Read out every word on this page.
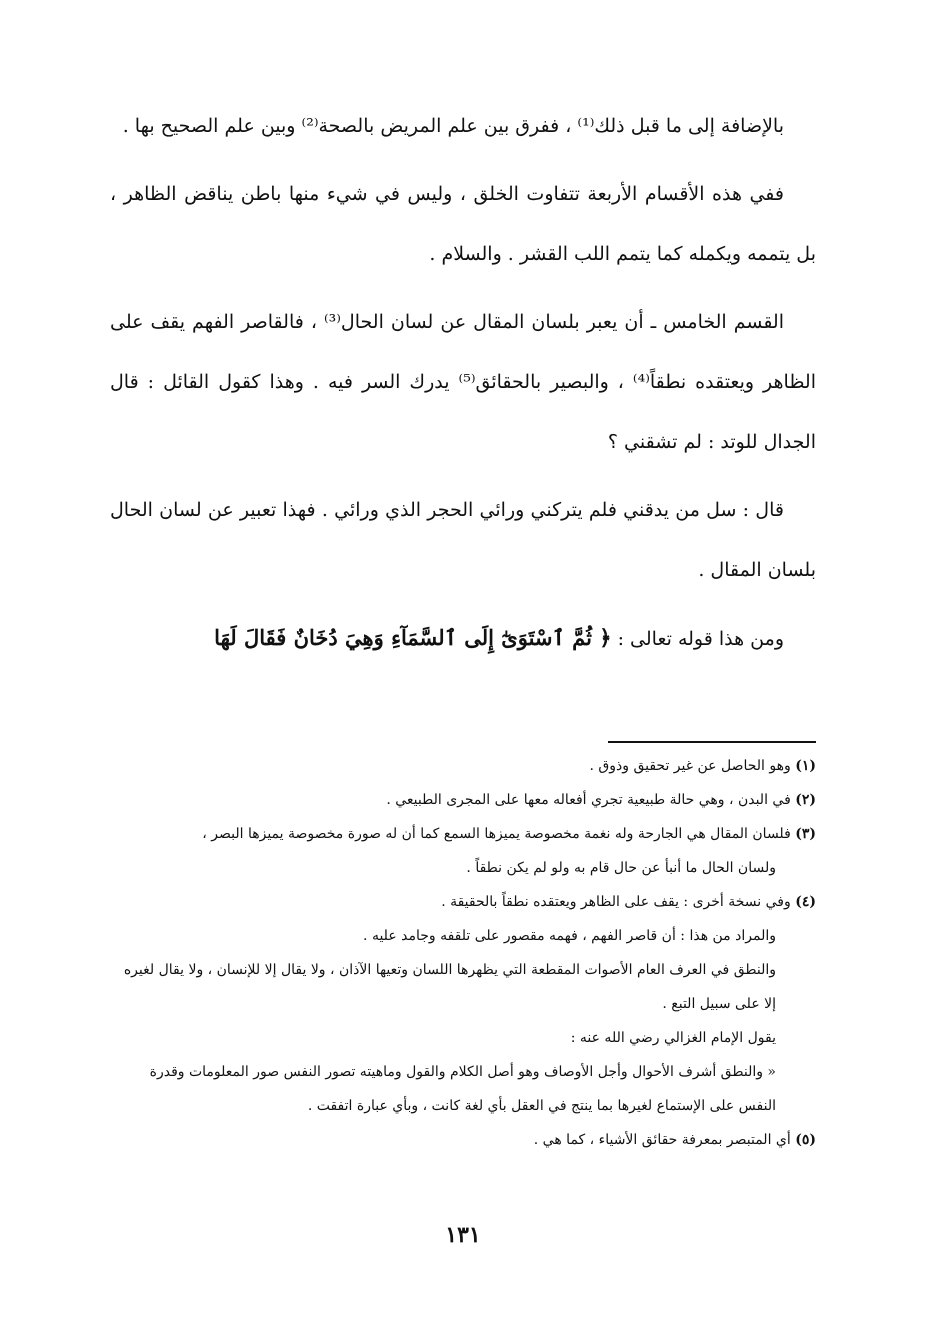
بالإضافة إلى ما قبل ذلك⁽¹⁾ ، ففرق بين علم المريض بالصحة⁽²⁾ وبين علم الصحيح بها .

ففي هذه الأقسام الأربعة تتفاوت الخلق ، وليس في شيء منها باطن يناقض الظاهر ، بل يتممه ويكمله كما يتمم اللب القشر . والسلام .

القسم الخامس ـ أن يعبر بلسان المقال عن لسان الحال⁽³⁾ ، فالقاصر الفهم يقف على الظاهر ويعتقده نطقاً⁽⁴⁾ ، والبصير بالحقائق⁽⁵⁾ يدرك السر فيه . وهذا كقول القائل : قال الجدال للوتد : لم تشقني ؟

قال : سل من يدقني فلم يتركني ورائي الحجر الذي ورائي . فهذا تعبير عن لسان الحال بلسان المقال .

ومن هذا قوله تعالى : ﴿ ثُمَّ ٱسْتَوَىٰٓ إِلَى ٱلسَّمَآءِ وَهِيَ دُخَانٌ فَقَالَ لَهَا

(١) وهو الحاصل عن غير تحقيق وذوق .

(٢) في البدن ، وهي حالة طبيعية تجري أفعاله معها على المجرى الطبيعي .

(٣) فلسان المقال هي الجارحة وله نغمة مخصوصة يميزها السمع كما أن له صورة مخصوصة يميزها البصر ،

ولسان الحال ما أنبأ عن حال قام به ولو لم يكن نطقاً .

(٤) وفي نسخة أخرى : يقف على الظاهر ويعتقده نطقاً بالحقيقة .

والمراد من هذا : أن قاصر الفهم ، فهمه مقصور على تلقفه وجامد عليه .

والنطق في العرف العام الأصوات المقطعة التي يظهرها اللسان وتعيها الآذان ، ولا يقال إلا للإنسان ، ولا يقال لغيره إلا على سبيل التبع .

يقول الإمام الغزالي رضي الله عنه :

« والنطق أشرف الأحوال وأجل الأوصاف وهو أصل الكلام والقول وماهيته تصور النفس صور المعلومات وقدرة النفس على الإستماع لغيرها بما ينتج في العقل بأي لغة كانت ، وبأي عبارة اتفقت .

(٥) أي المتبصر بمعرفة حقائق الأشياء ، كما هي .

١٣١
